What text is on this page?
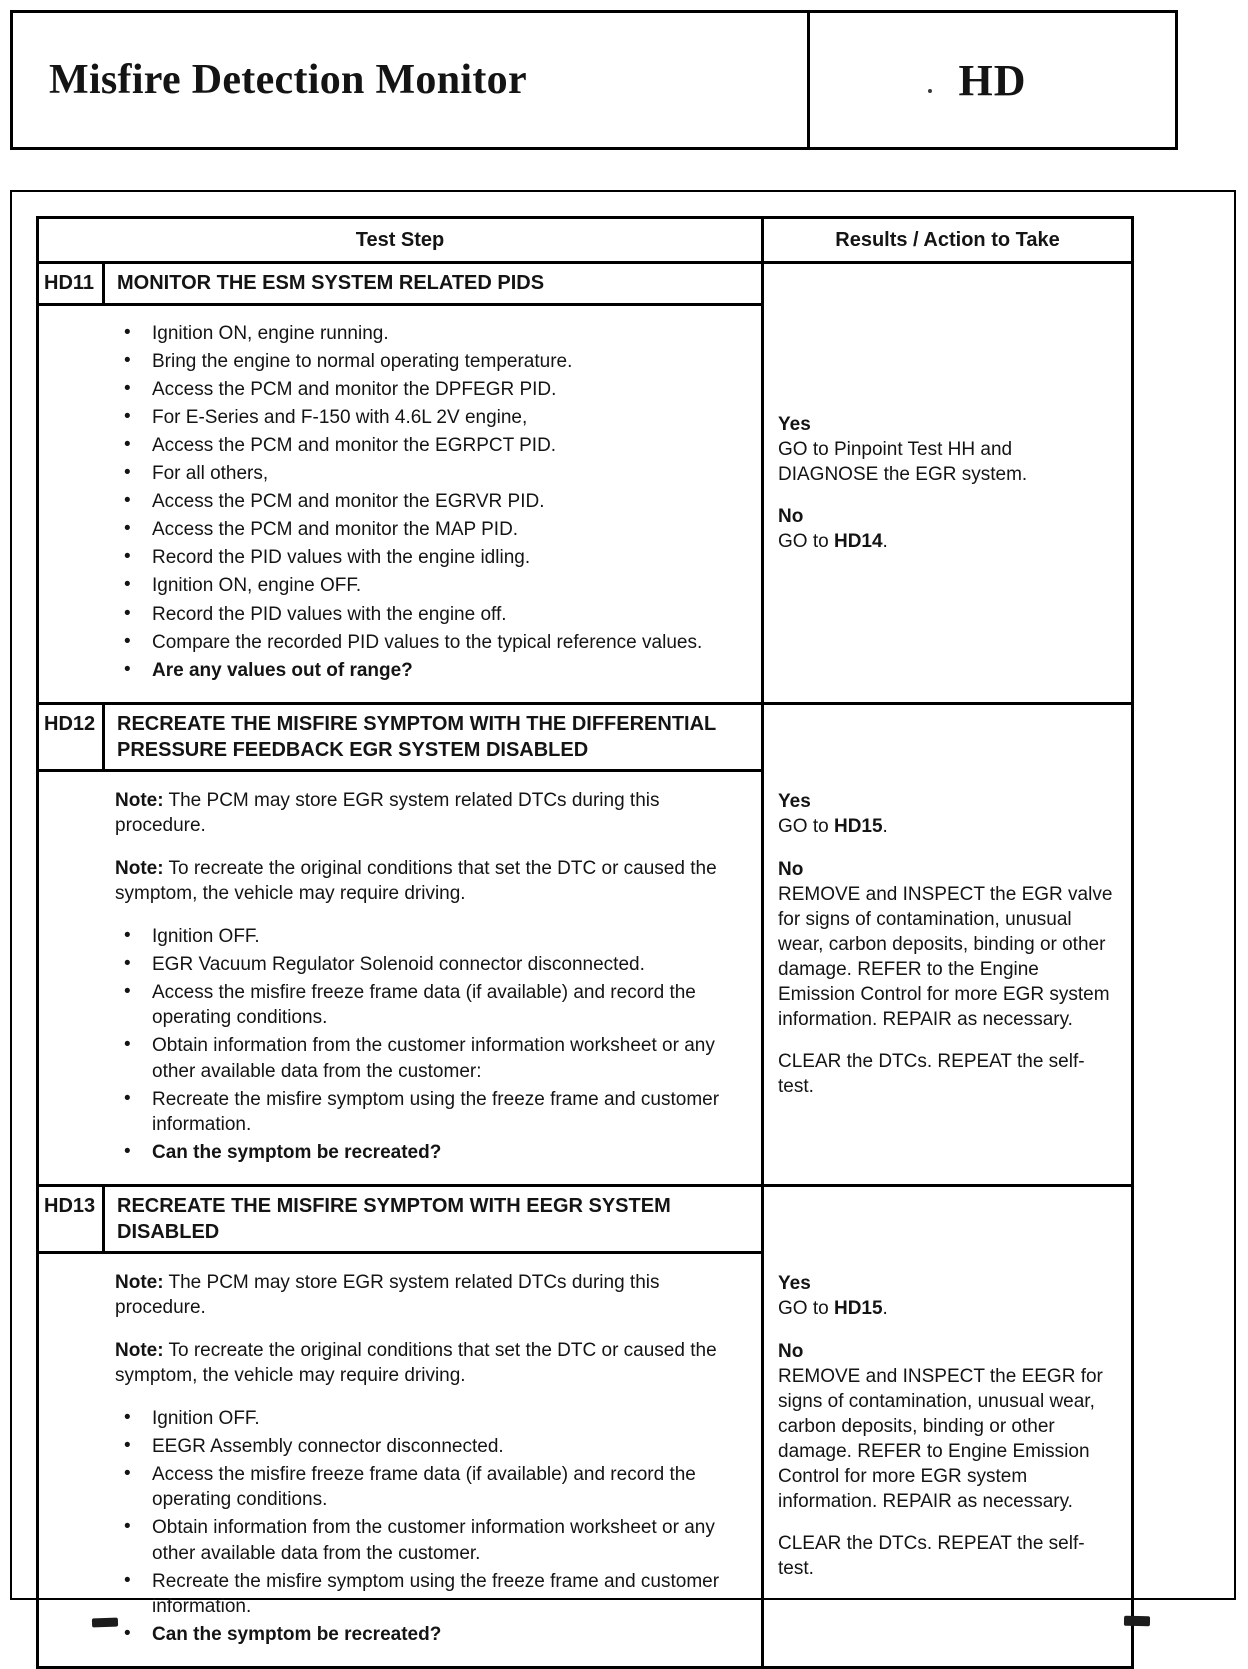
Misfire Detection Monitor	HD
Test Step	Results / Action to Take
HD11	MONITOR THE ESM SYSTEM RELATED PIDS
• Ignition ON, engine running.
• Bring the engine to normal operating temperature.
• Access the PCM and monitor the DPFEGR PID.
• For E-Series and F-150 with 4.6L 2V engine,
• Access the PCM and monitor the EGRPCT PID.
• For all others,
• Access the PCM and monitor the EGRVR PID.
• Access the PCM and monitor the MAP PID.
• Record the PID values with the engine idling.
• Ignition ON, engine OFF.
• Record the PID values with the engine off.
• Compare the recorded PID values to the typical reference values.
• Are any values out of range?

Yes

GO to Pinpoint Test HH and DIAGNOSE the EGR system.

No

GO to HD14.

HD12	RECREATE THE MISFIRE SYMPTOM WITH THE DIFFERENTIAL PRESSURE FEEDBACK EGR SYSTEM DISABLED
Note: The PCM may store EGR system related DTCs during this procedure.
Note: To recreate the original conditions that set the DTC or caused the symptom, the vehicle may require driving.
• Ignition OFF.
• EGR Vacuum Regulator Solenoid connector disconnected.
• Access the misfire freeze frame data (if available) and record the operating conditions.
• Obtain information from the customer information worksheet or any other available data from the customer:
• Recreate the misfire symptom using the freeze frame and customer information.
• Can the symptom be recreated?

Yes

GO to HD15.

No

REMOVE and INSPECT the EGR valve for signs of contamination, unusual wear, carbon deposits, binding or other damage. REFER to the Engine Emission Control for more EGR system information. REPAIR as necessary.

CLEAR the DTCs. REPEAT the self-test.

HD13	RECREATE THE MISFIRE SYMPTOM WITH EEGR SYSTEM DISABLED
Note: The PCM may store EGR system related DTCs during this procedure.
Note: To recreate the original conditions that set the DTC or caused the symptom, the vehicle may require driving.
• Ignition OFF.
• EEGR Assembly connector disconnected.
• Access the misfire freeze frame data (if available) and record the operating conditions.
• Obtain information from the customer information worksheet or any other available data from the customer.
• Recreate the misfire symptom using the freeze frame and customer information.
• Can the symptom be recreated?

Yes

GO to HD15.

No

REMOVE and INSPECT the EEGR for signs of contamination, unusual wear, carbon deposits, binding or other damage. REFER to Engine Emission Control for more EGR system information. REPAIR as necessary.

CLEAR the DTCs. REPEAT the self-test.
